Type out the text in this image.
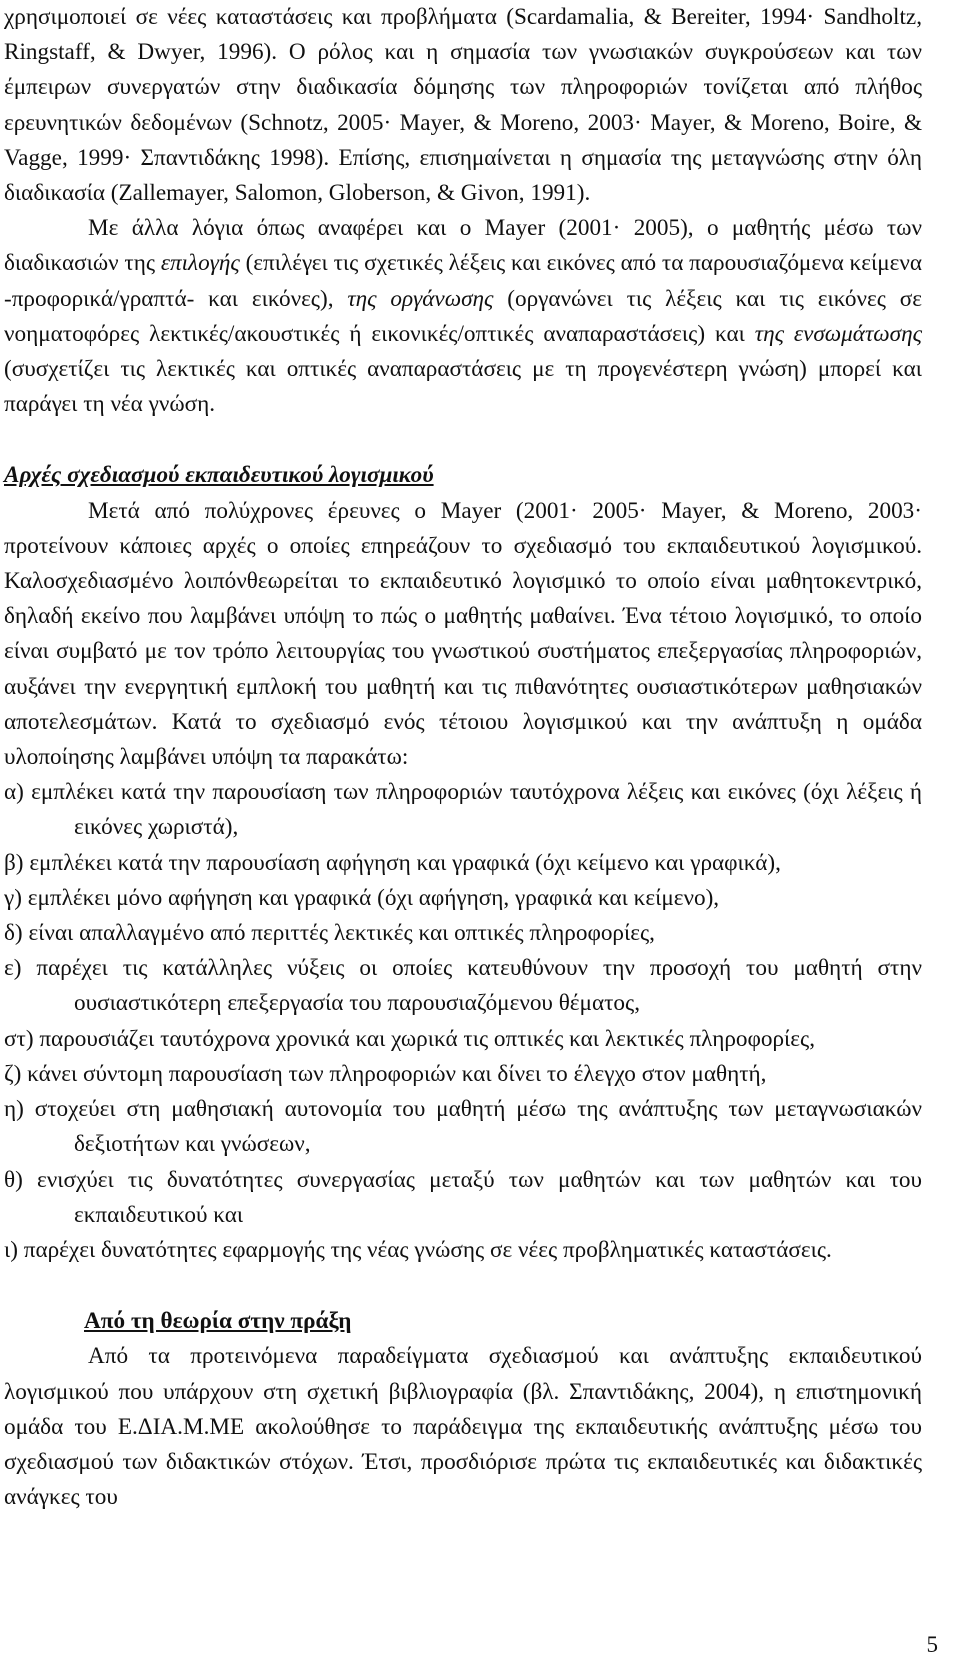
χρησιμοποιεί σε νέες καταστάσεις και προβλήματα (Scardamalia, & Bereiter, 1994· Sandholtz, Ringstaff, & Dwyer, 1996). Ο ρόλος και η σημασία των γνωσιακών συγκρούσεων και των έμπειρων συνεργατών στην διαδικασία δόμησης των πληροφοριών τονίζεται από πλήθος ερευνητικών δεδομένων (Schnotz, 2005· Mayer, & Moreno, 2003· Mayer, & Moreno, Boire, & Vagge, 1999· Σπαντιδάκης 1998). Επίσης, επισημαίνεται η σημασία της μεταγνώσης στην όλη διαδικασία (Zallemayer, Salomon, Globerson, & Givon, 1991).

Με άλλα λόγια όπως αναφέρει και ο Mayer (2001· 2005), ο μαθητής μέσω των διαδικασιών της επιλογής (επιλέγει τις σχετικές λέξεις και εικόνες από τα παρουσιαζόμενα κείμενα -προφορικά/γραπτά- και εικόνες), της οργάνωσης (οργανώνει τις λέξεις και τις εικόνες σε νοηματοφόρες λεκτικές/ακουστικές ή εικονικές/οπτικές αναπαραστάσεις) και της ενσωμάτωσης (συσχετίζει τις λεκτικές και οπτικές αναπαραστάσεις με τη προγενέστερη γνώση) μπορεί και παράγει τη νέα γνώση.

Αρχές σχεδιασμού εκπαιδευτικού λογισμικού

Μετά από πολύχρονες έρευνες ο Mayer (2001· 2005· Mayer, & Moreno, 2003· προτείνουν κάποιες αρχές ο οποίες επηρεάζουν το σχεδιασμό του εκπαιδευτικού λογισμικού. Καλοσχεδιασμένο λοιπόνθεωρείται το εκπαιδευτικό λογισμικό το οποίο είναι μαθητοκεντρικό, δηλαδή εκείνο που λαμβάνει υπόψη το πώς ο μαθητής μαθαίνει. Ένα τέτοιο λογισμικό, το οποίο είναι συμβατό με τον τρόπο λειτουργίας του γνωστικού συστήματος επεξεργασίας πληροφοριών, αυξάνει την ενεργητική εμπλοκή του μαθητή και τις πιθανότητες ουσιαστικότερων μαθησιακών αποτελεσμάτων. Κατά το σχεδιασμό ενός τέτοιου λογισμικού και την ανάπτυξη η ομάδα υλοποίησης λαμβάνει υπόψη τα παρακάτω:

α) εμπλέκει κατά την παρουσίαση των πληροφοριών ταυτόχρονα λέξεις και εικόνες (όχι λέξεις ή εικόνες χωριστά),
β) εμπλέκει κατά την παρουσίαση αφήγηση και γραφικά (όχι κείμενο και γραφικά),
γ) εμπλέκει μόνο αφήγηση και γραφικά (όχι αφήγηση, γραφικά και κείμενο),
δ) είναι απαλλαγμένο από περιττές λεκτικές και οπτικές πληροφορίες,
ε) παρέχει τις κατάλληλες νύξεις οι οποίες κατευθύνουν την προσοχή του μαθητή στην ουσιαστικότερη επεξεργασία του παρουσιαζόμενου θέματος,
στ) παρουσιάζει ταυτόχρονα χρονικά και χωρικά τις οπτικές και λεκτικές πληροφορίες,
ζ) κάνει σύντομη παρουσίαση των πληροφοριών και δίνει το έλεγχο στον μαθητή,
η) στοχεύει στη μαθησιακή αυτονομία του μαθητή μέσω της ανάπτυξης των μεταγνωσιακών δεξιοτήτων και γνώσεων,
θ) ενισχύει τις δυνατότητες συνεργασίας μεταξύ των μαθητών και των μαθητών και του εκπαιδευτικού και
ι) παρέχει δυνατότητες εφαρμογής της νέας γνώσης σε νέες προβληματικές καταστάσεις.

Από τη θεωρία στην πράξη

Από τα προτεινόμενα παραδείγματα σχεδιασμού και ανάπτυξης εκπαιδευτικού λογισμικού που υπάρχουν στη σχετική βιβλιογραφία (βλ. Σπαντιδάκης, 2004), η επιστημονική ομάδα του Ε.ΔΙΑ.Μ.ΜΕ ακολούθησε το παράδειγμα της εκπαιδευτικής ανάπτυξης μέσω του σχεδιασμού των διδακτικών στόχων. Έτσι, προσδιόρισε πρώτα τις εκπαιδευτικές και διδακτικές ανάγκες του

5
